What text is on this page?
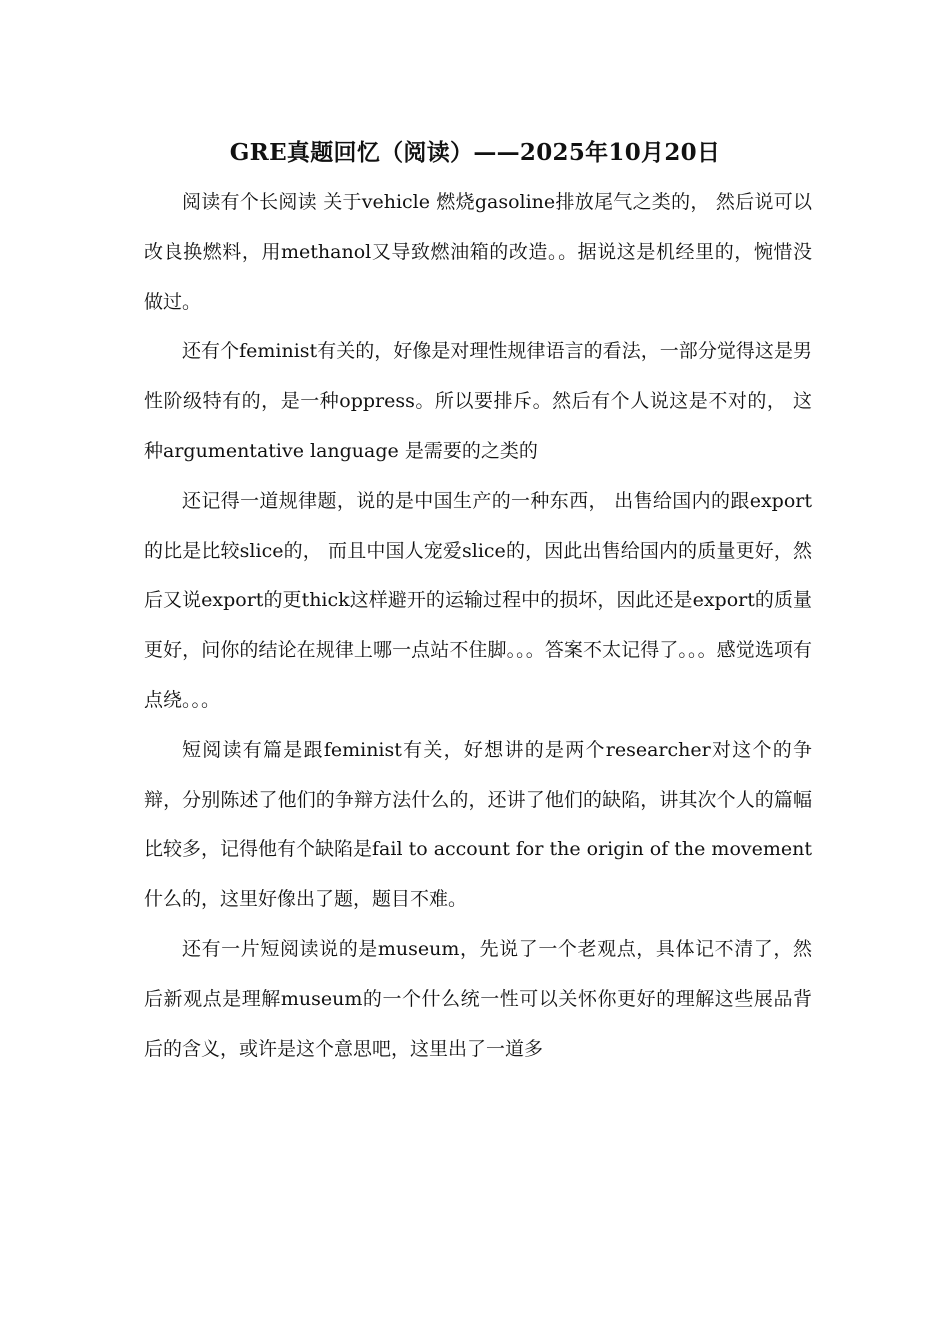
GRE真题回忆（阅读）——2025年10月20日

阅读有个长阅读 关于vehicle 燃烧gasoline排放尾气之类的， 然后说可以改良换燃料，用methanol又导致燃油箱的改造。。据说这是机经里的，惋惜没做过。

还有个feminist有关的，好像是对理性规律语言的看法，一部分觉得这是男性阶级特有的，是一种oppress。所以要排斥。然后有个人说这是不对的， 这种argumentative language 是需要的之类的

还记得一道规律题，说的是中国生产的一种东西， 出售给国内的跟export的比是比较slice的， 而且中国人宠爱slice的，因此出售给国内的质量更好，然后又说export的更thick这样避开的运输过程中的损坏，因此还是export的质量更好，问你的结论在规律上哪一点站不住脚。。。答案不太记得了。。。感觉选项有点绕。。。

短阅读有篇是跟feminist有关，好想讲的是两个researcher对这个的争辩，分别陈述了他们的争辩方法什么的，还讲了他们的缺陷，讲其次个人的篇幅比较多，记得他有个缺陷是fail to account for the origin of the movement什么的，这里好像出了题，题目不难。

还有一片短阅读说的是museum，先说了一个老观点，具体记不清了，然后新观点是理解museum的一个什么统一性可以关怀你更好的理解这些展品背后的含义，或许是这个意思吧，这里出了一道多
